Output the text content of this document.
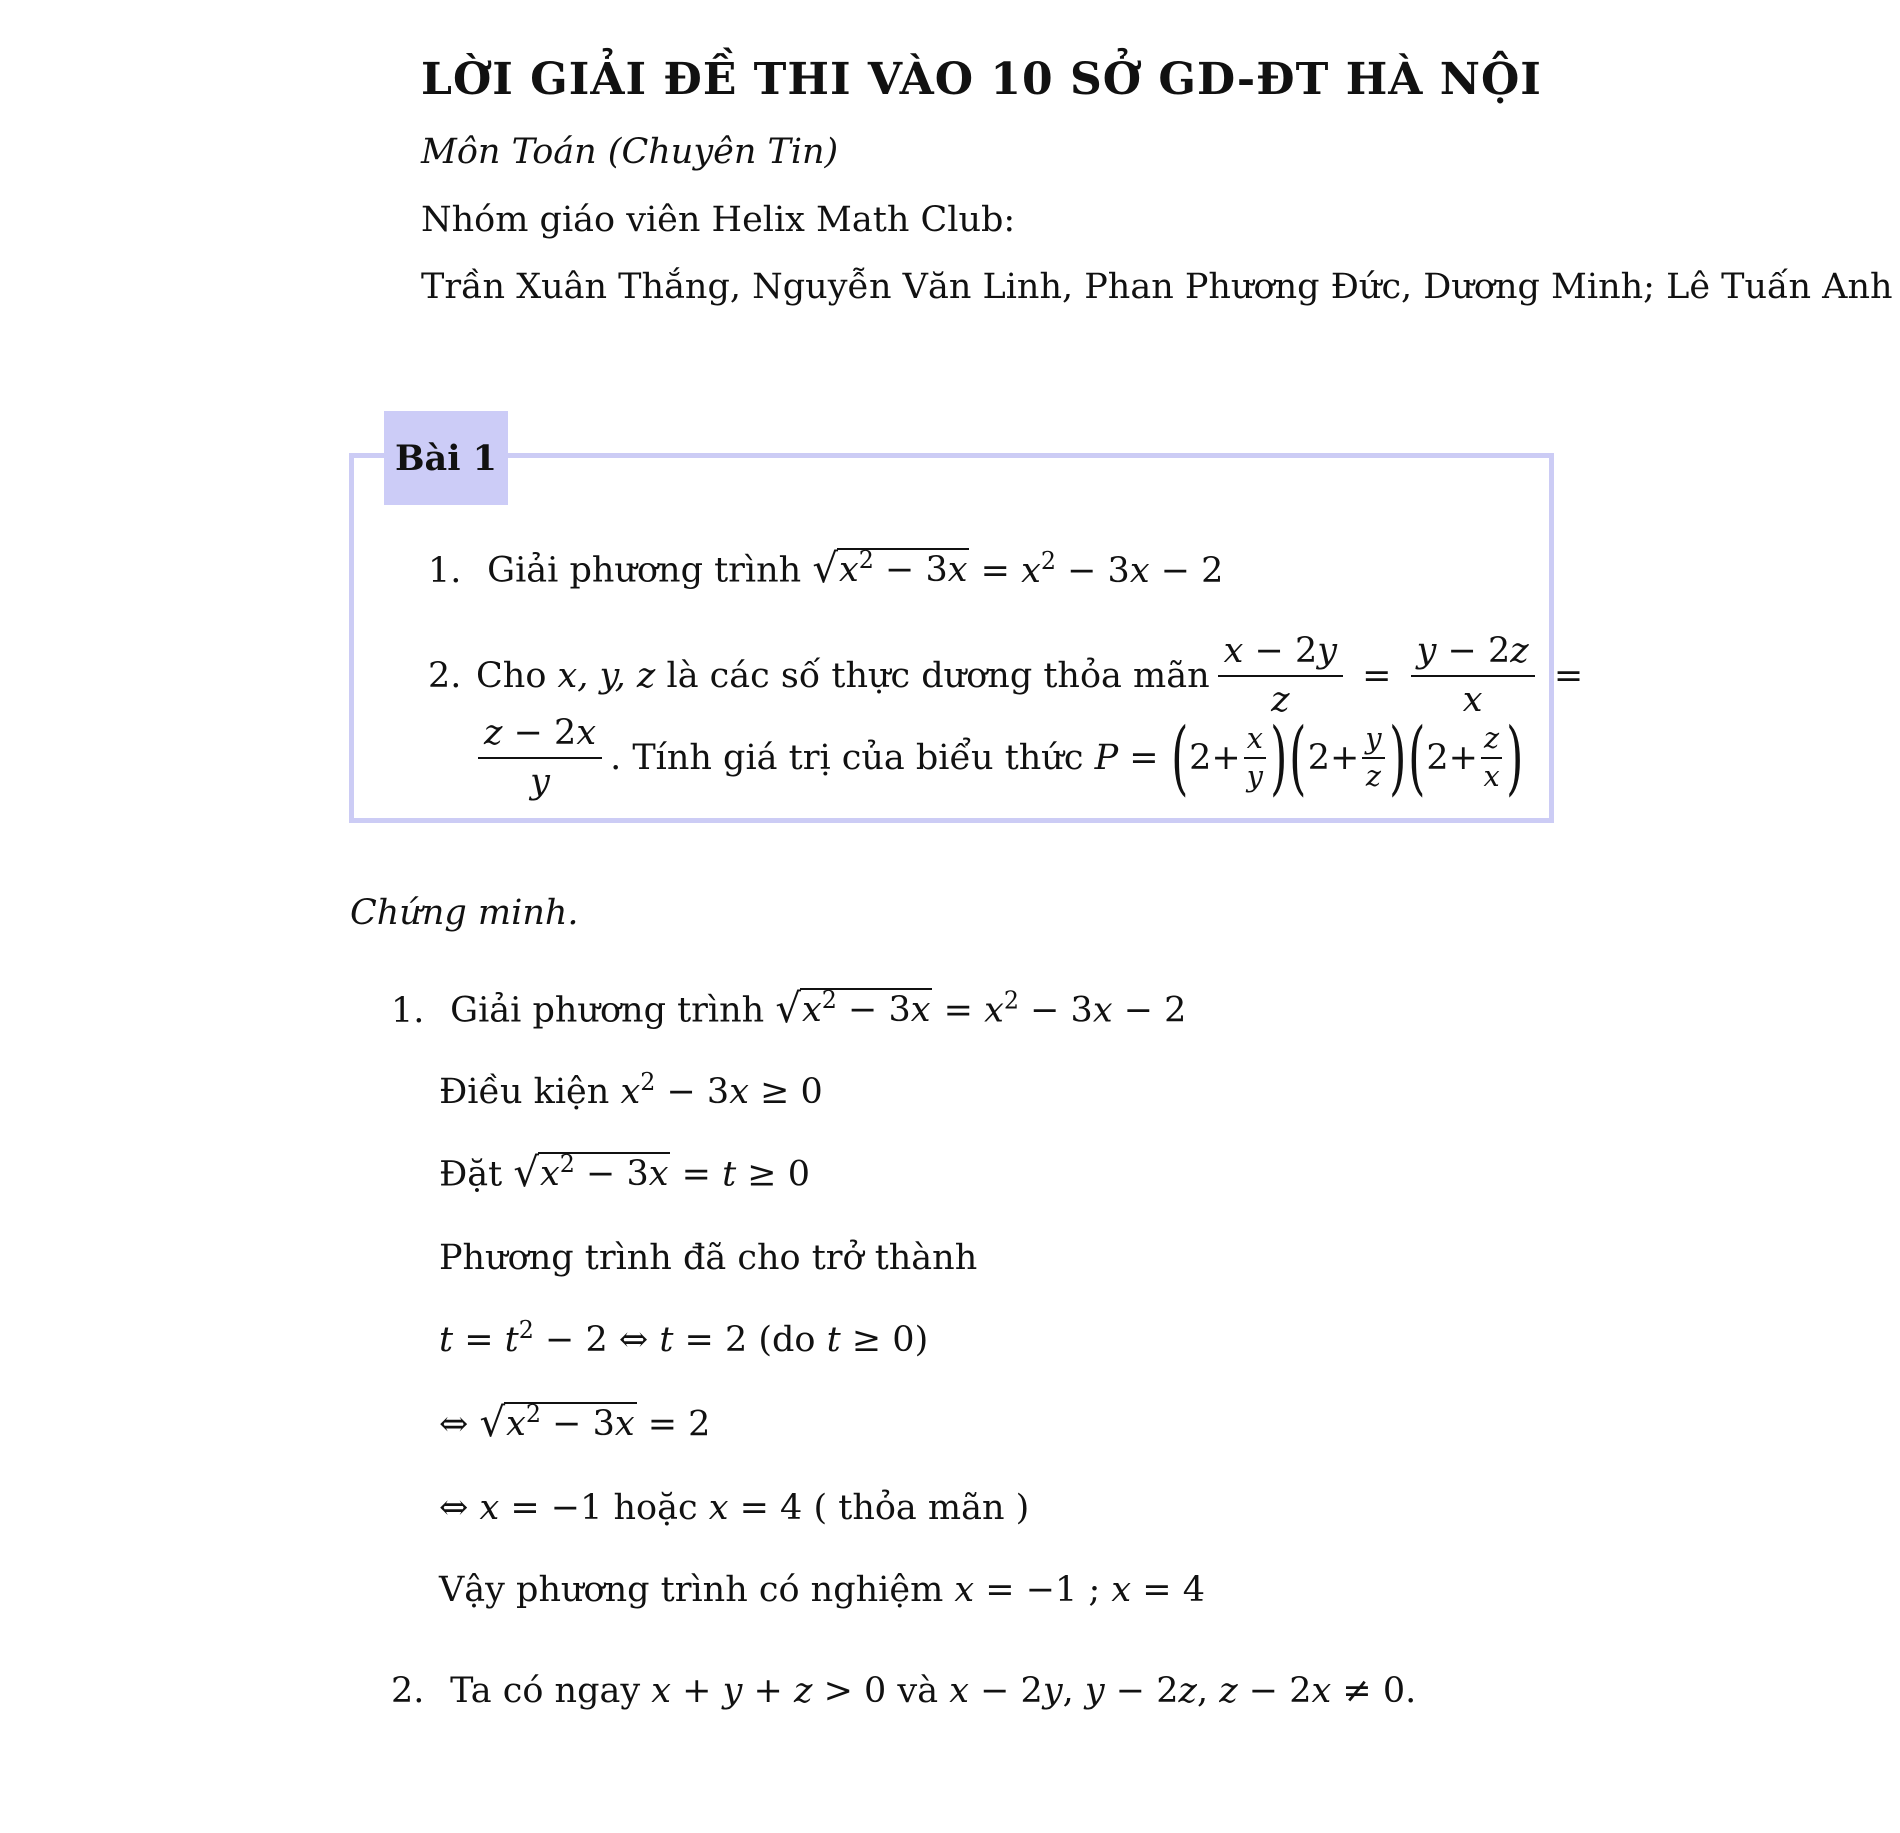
LỜI GIẢI ĐỀ THI VÀO 10 SỞ GD-ĐT HÀ NỘI
Môn Toán (Chuyên Tin)
Nhóm giáo viên Helix Math Club:
Trần Xuân Thắng, Nguyễn Văn Linh, Phan Phương Đức, Dương Minh; Lê Tuấn Anh
Bài 1
1. Giải phương trình √ $x^2 - 3x = x^2 - 3x - 2$
2. Cho
x, y, z
là các số thực dương thỏa mãn $\frac{x - 2y}{z} = \frac{y - 2z}{x}$ =
$\frac{z - 2x}{y}$ . Tính giá trị của biểu thức
P = ( $2+ \frac{x}{y}$ ) ( $2+ \frac{y}{z}$ ) ( $2+ \frac{z}{x}$ )
Chứng minh.
1. Giải phương trình √ $x^2 - 3x = x^2 - 3x - 2$
Điều kiện $x^2 - 3x \ge 0$
Đặt √ $x^2 - 3x = t \ge 0$
Phương trình đã cho trở thành
$t = t^2 - 2$ ⇔ t = 2 (do t ≥ 0)
⇔ √ $x^2 - 3x = 2$
⇔ x = −1 hoặc x = 4 ( thỏa mãn )
Vậy phương trình có nghiệm x = −1 ; x = 4
2. Ta có ngay x + y + z > 0 và x − 2y, y − 2z, z − 2x ≠ 0.
